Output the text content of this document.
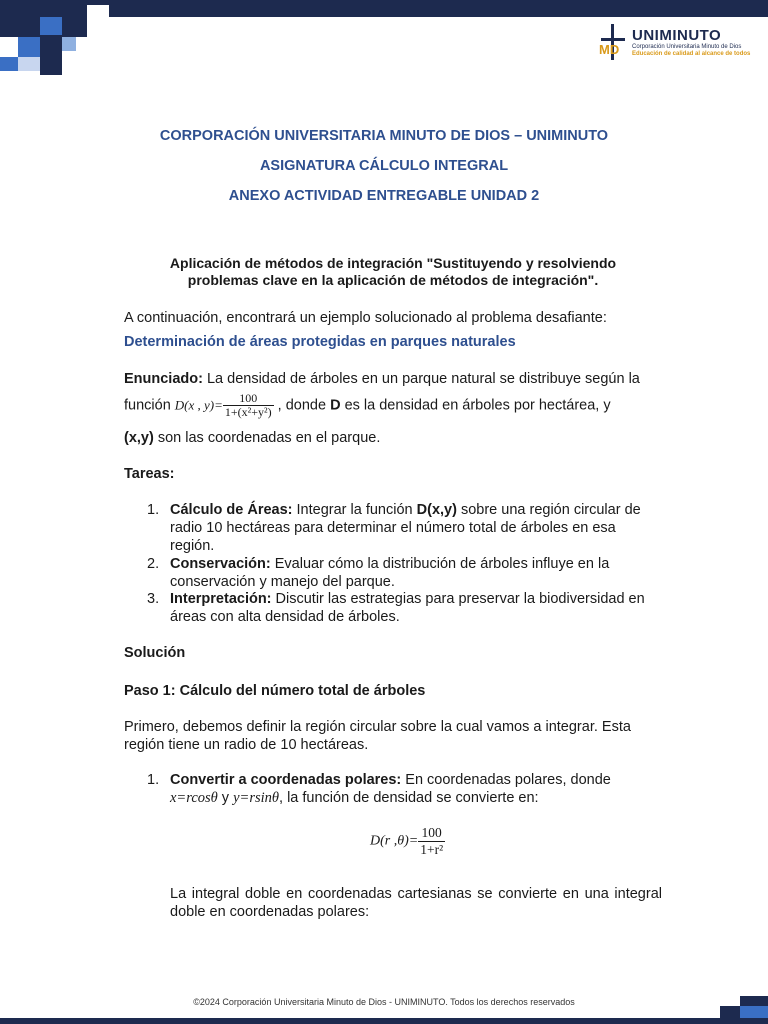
MD
UNIMINUTO
Corporación Universitaria Minuto de Dios
Educación de calidad al alcance de todos
CORPORACIÓN UNIVERSITARIA MINUTO DE DIOS – UNIMINUTO
ASIGNATURA CÁLCULO INTEGRAL
ANEXO ACTIVIDAD ENTREGABLE UNIDAD 2
Aplicación de métodos de integración "Sustituyendo y resolviendo problemas clave en la aplicación de métodos de integración".
A continuación, encontrará un ejemplo solucionado al problema desafiante:
Determinación de áreas protegidas en parques naturales
Enunciado: La densidad de árboles en un parque natural se distribuye según la
función D(x , $y)= \frac{100}{\text{1+(x²+y²)}}$ , donde D es la densidad en árboles por hectárea, y
(x,y) son las coordenadas en el parque.
Tareas:
1. Cálculo de Áreas: Integrar la función D(x,y) sobre una región circular de radio 10 hectáreas para determinar el número total de árboles en esa región.
2. Conservación: Evaluar cómo la distribución de árboles influye en la conservación y manejo del parque.
3. Interpretación: Discutir las estrategias para preservar la biodiversidad en áreas con alta densidad de árboles.
Solución
Paso 1: Cálculo del número total de árboles
Primero, debemos definir la región circular sobre la cual vamos a integrar. Esta región tiene un radio de 10 hectáreas.
1. Convertir a coordenadas polares: En coordenadas polares, donde
x=rcosθ y y=rsinθ, la función de densidad se convierte en:
D(r $,\theta)= \frac{100}{\text{1+r²}}$
La integral doble en coordenadas cartesianas se convierte en una integral doble en coordenadas polares:
©2024 Corporación Universitaria Minuto de Dios - UNIMINUTO. Todos los derechos reservados
